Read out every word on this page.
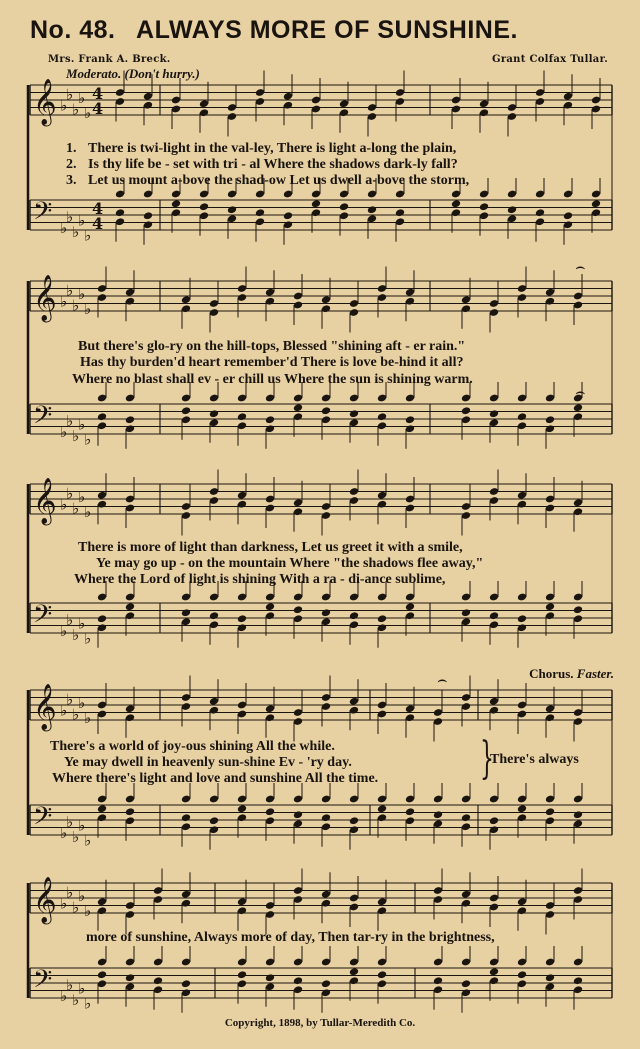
No. 48. ALWAYS MORE OF SUNSHINE.
Mrs. Frank A. Breck.	Grant Colfax Tullar.
Moderato. (Don't hurry.)
𝄞 ♭
♭
♭
♭
♭
4
4
𝄢 ♭
♭
♭
♭
♭
4
4
𝄞 ♭
♭
♭
♭
♭
𝄢 ♭
♭
♭
♭
♭
𝄞 ♭
♭
♭
♭
♭
𝄢 ♭
♭
♭
♭
♭
𝄞 ♭
♭
♭
♭
♭
𝄢 ♭
♭
♭
♭
♭
𝄞 ♭
♭
♭
♭
♭
𝄢 ♭
♭
♭
♭
♭
⌢
⌢
⌢
1. There is twi-light in the val-ley, There is light a-long the plain,
2. Is thy life be - set with tri - al Where the shadows dark-ly fall?
3. Let us mount a-bove the shad-ow Let us dwell a-bove the storm,
But there's glo-ry on the hill-tops, Blessed "shining aft - er rain."
Has thy burden'd heart remember'd There is love be-hind it all?
Where no blast shall ev - er chill us Where the sun is shining warm.
There is more of light than darkness, Let us greet it with a smile,
Ye may go up - on the mountain Where "the shadows flee away,"
Where the Lord of light is shining With a ra - di-ance sublime,
Chorus. Faster.
There's a world of joy-ous shining All the while.
Ye may dwell in heavenly sun-shine Ev - 'ry day.
Where there's light and love and sunshine All the time. }
There's always
more of sunshine, Always more of day, Then tar-ry in the brightness,
Copyright, 1898, by Tullar-Meredith Co.
